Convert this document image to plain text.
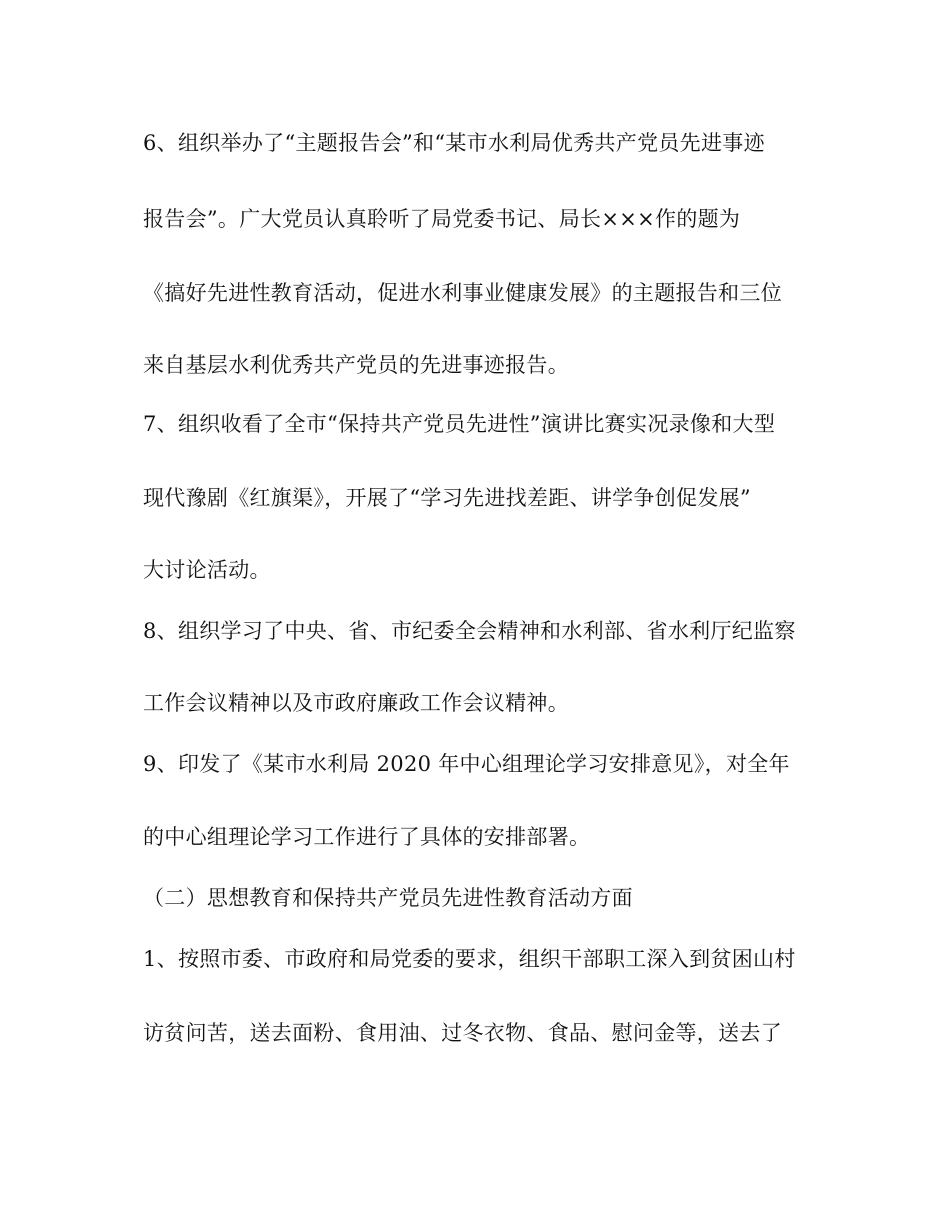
6、组织举办了“主题报告会”和“某市水利局优秀共产党员先进事迹
报告会”。广大党员认真聆听了局党委书记、局长×××作的题为
《搞好先进性教育活动，促进水利事业健康发展》的主题报告和三位
来自基层水利优秀共产党员的先进事迹报告。
7、组织收看了全市“保持共产党员先进性”演讲比赛实况录像和大型
现代豫剧《红旗渠》，开展了“学习先进找差距、讲学争创促发展”
大讨论活动。
8、组织学习了中央、省、市纪委全会精神和水利部、省水利厅纪监察
工作会议精神以及市政府廉政工作会议精神。
9、印发了《某市水利局 2020 年中心组理论学习安排意见》，对全年
的中心组理论学习工作进行了具体的安排部署。
（二）思想教育和保持共产党员先进性教育活动方面
1、按照市委、市政府和局党委的要求，组织干部职工深入到贫困山村
访贫问苦，送去面粉、食用油、过冬衣物、食品、慰问金等，送去了
